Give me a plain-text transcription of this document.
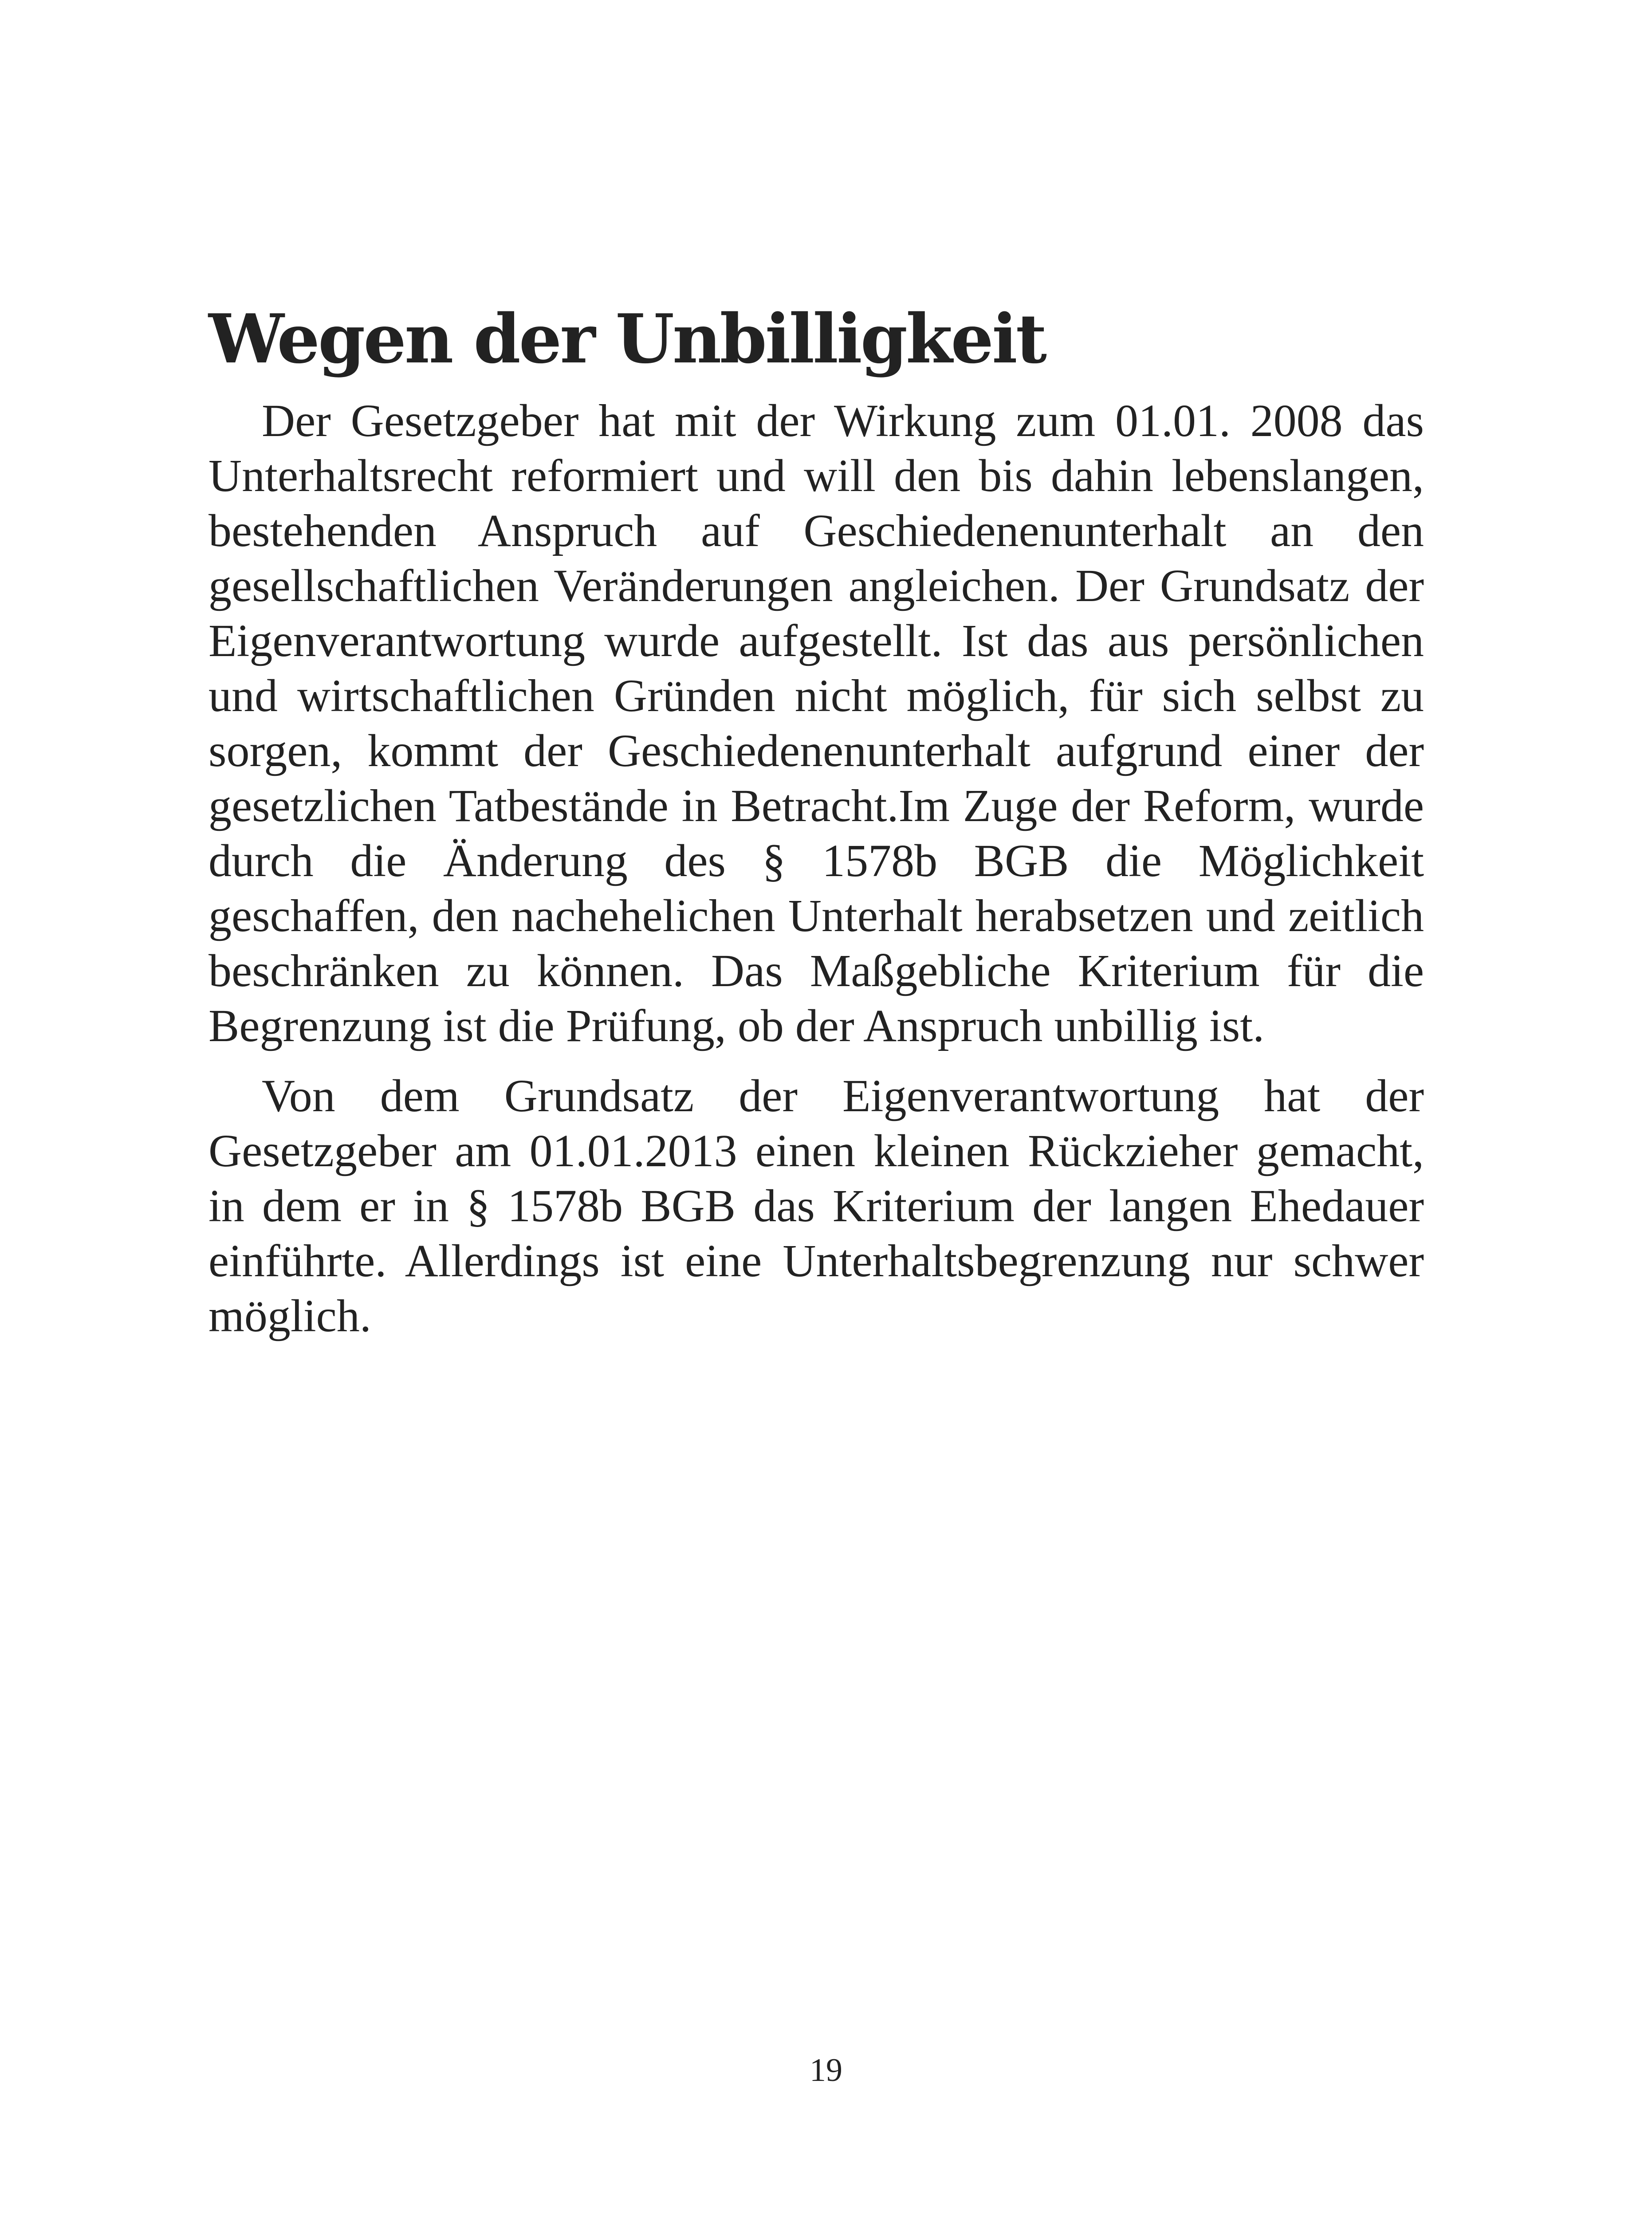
Wegen der Unbilligkeit

Der Gesetzgeber hat mit der Wirkung zum 01.01. 2008 das Unterhaltsrecht reformiert und will den bis dahin lebenslangen, bestehenden Anspruch auf Geschiedenenunterhalt an den gesellschaftlichen Veränderungen angleichen. Der Grundsatz der Eigenverantwortung wurde aufgestellt. Ist das aus persönlichen und wirtschaftlichen Gründen nicht möglich, für sich selbst zu sorgen, kommt der Geschiedenenunterhalt aufgrund einer der gesetzlichen Tatbestände in Betracht.Im Zuge der Reform, wurde durch die Änderung des § 1578b BGB die Möglichkeit geschaffen, den nachehelichen Unterhalt herabsetzen und zeitlich beschränken zu können. Das Maßgebliche Kriterium für die Begrenzung ist die Prüfung, ob der Anspruch unbillig ist.

Von dem Grundsatz der Eigenverantwortung hat der Gesetzgeber am 01.01.2013 einen kleinen Rückzieher gemacht, in dem er in § 1578b BGB das Kriterium der langen Ehedauer einführte. Allerdings ist eine Unterhaltsbegrenzung nur schwer möglich.

19
